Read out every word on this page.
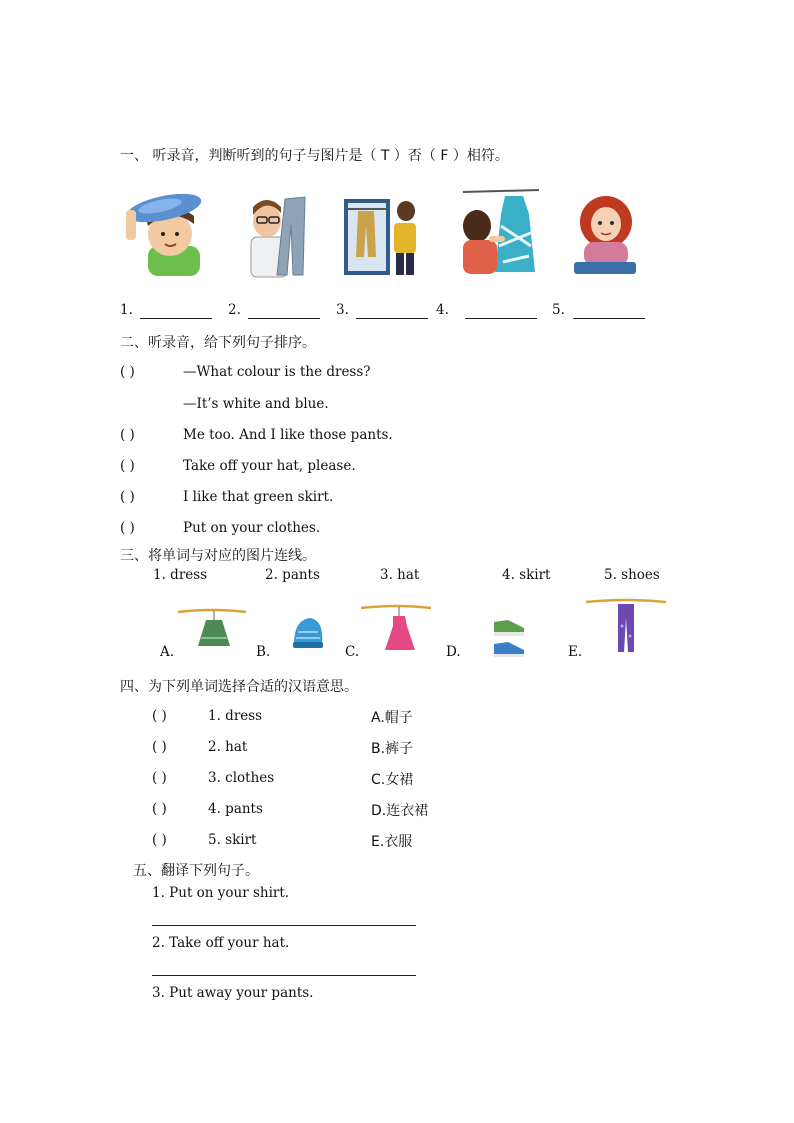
一、 听录音，判断听到的句子与图片是（ T ）否（ F ）相符。
1.	2.	3.	4.	5.
二、听录音，给下列句子排序。
( )	—What colour is the dress?
—It’s white and blue.
( )	Me too. And I like those pants.
( )	Take off your hat, please.
( )	I like that green skirt.
( )	Put on your clothes.
三、将单词与对应的图片连线。
1. dress	2. pants	3. hat	4. skirt	5. shoes
A.	B.	C.	D.	E.
四、为下列单词选择合适的汉语意思。
( )	1. dress	A.帽子
( )	2. hat	B.裤子
( )	3. clothes	C.女裙
( )	4. pants	D.连衣裙
( )	5. skirt	E.衣服
五、翻译下列句子。
1. Put on your shirt.
2. Take off your hat.
3. Put away your pants.
